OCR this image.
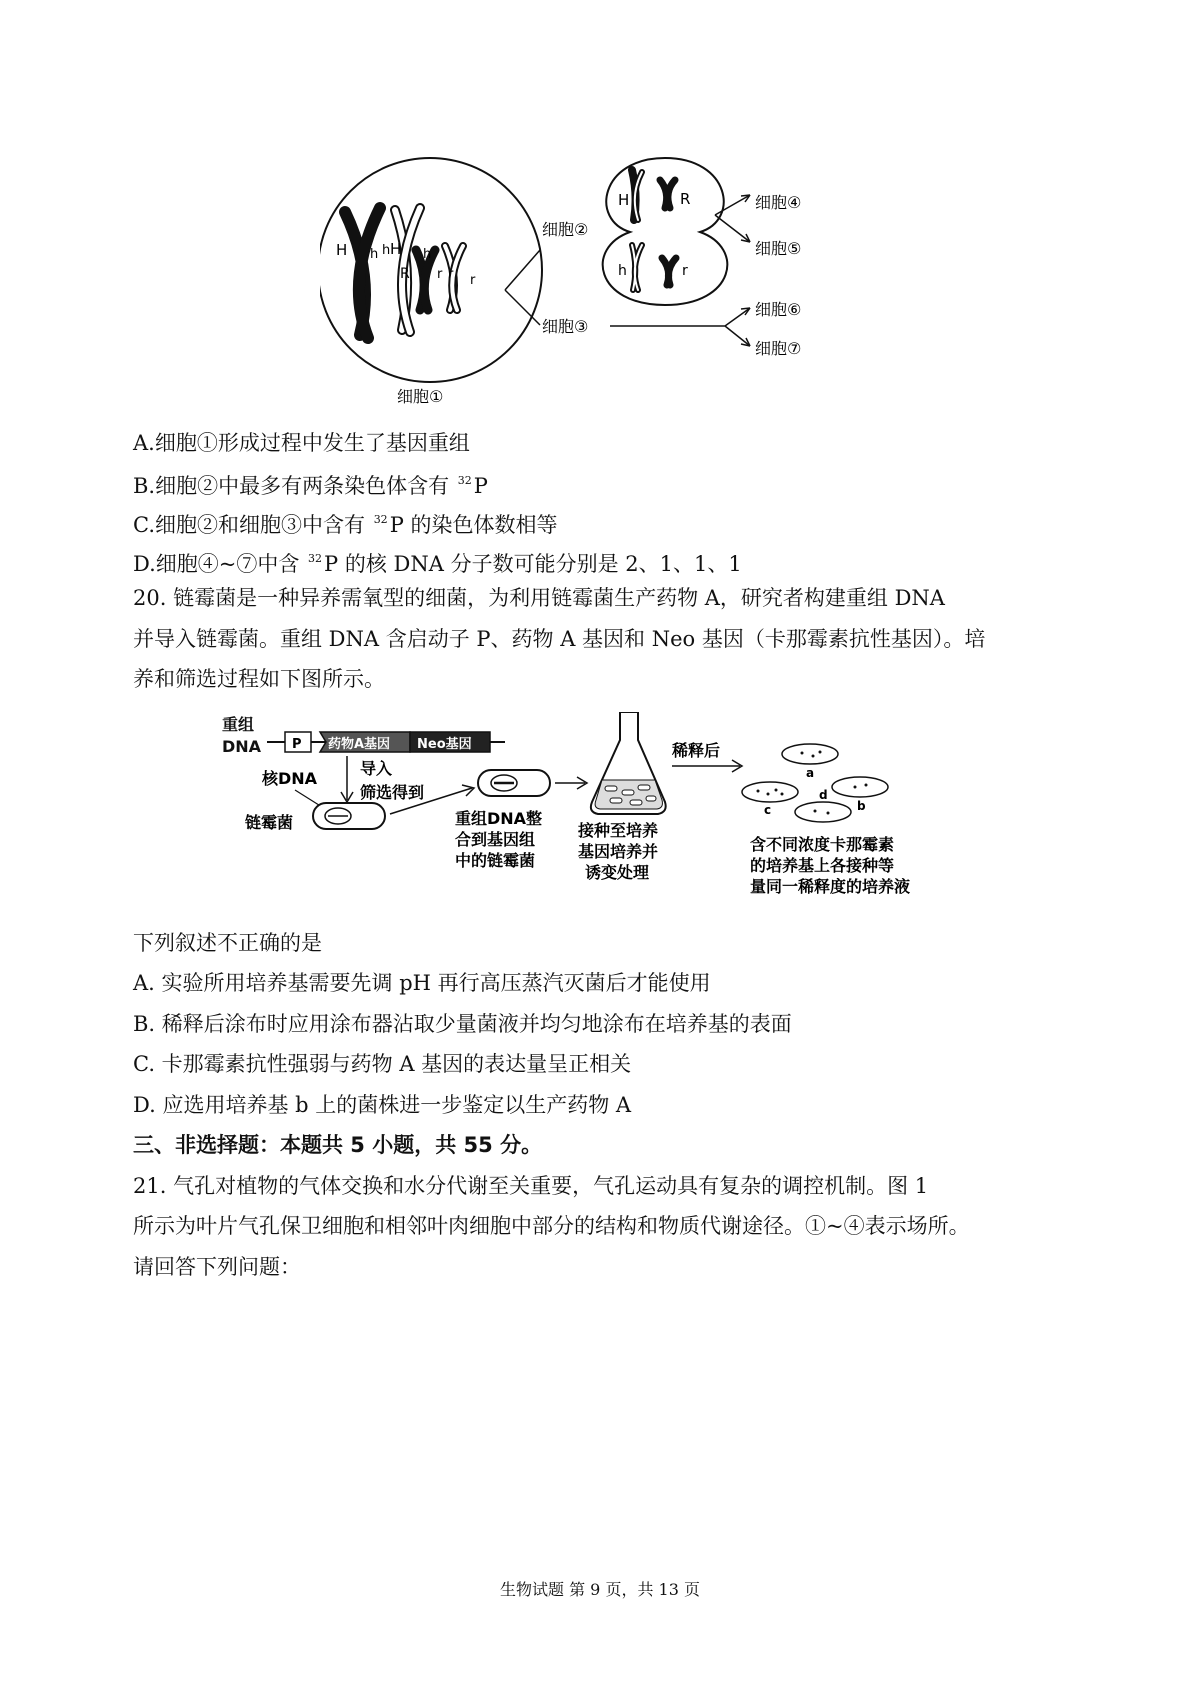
H h h H h
R r r r
细胞①
细胞②
细胞③
H	R
h	r
细胞④
细胞⑤
细胞⑥
细胞⑦
A.细胞①形成过程中发生了基因重组
B.细胞②中最多有两条染色体含有 $^{32}$P
C.细胞②和细胞③中含有 $^{32}$P 的染色体数相等
D.细胞④~⑦中含 $^{32}$P 的核 DNA 分子数可能分别是 2、1、1、1
20. 链霉菌是一种异养需氧型的细菌，为利用链霉菌生产药物 A，研究者构建重组 DNA
并导入链霉菌。重组 DNA 含启动子 P、药物 A 基因和 Neo 基因（卡那霉素抗性基因）。培
养和筛选过程如下图所示。
重组
DNA P 药物A基因 Neo基因
核DNA
链霉菌
导入
筛选得到
重组DNA整
合到基因组
中的链霉菌
接种至培养
基因培养并
诱变处理
稀释后
a
b
c
d
含不同浓度卡那霉素
的培养基上各接种等
量同一稀释度的培养液
下列叙述不正确的是
A. 实验所用培养基需要先调 pH 再行高压蒸汽灭菌后才能使用
B. 稀释后涂布时应用涂布器沾取少量菌液并均匀地涂布在培养基的表面
C. 卡那霉素抗性强弱与药物 A 基因的表达量呈正相关
D. 应选用培养基 b 上的菌株进一步鉴定以生产药物 A
三、非选择题：本题共 5 小题，共 55 分。
21. 气孔对植物的气体交换和水分代谢至关重要，气孔运动具有复杂的调控机制。图 1
所示为叶片气孔保卫细胞和相邻叶肉细胞中部分的结构和物质代谢途径。①~④表示场所。
请回答下列问题：
生物试题 第 9 页，共 13 页
